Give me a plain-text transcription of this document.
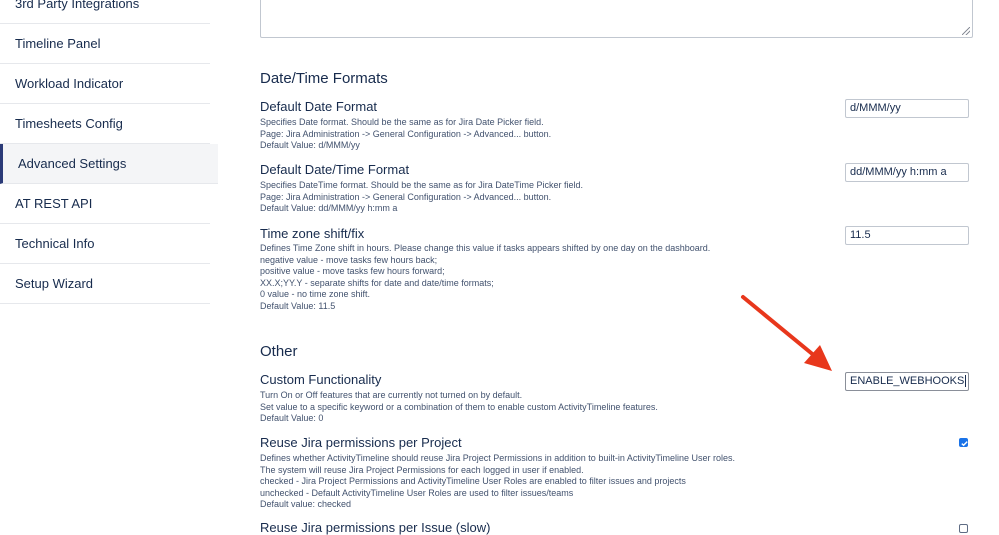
3rd Party Integrations
Timeline Panel
Workload Indicator
Timesheets Config
Advanced Settings
AT REST API
Technical Info
Setup Wizard
Date/Time Formats
Default Date Format
Specifies Date format. Should be the same as for Jira Date Picker field.
Page: Jira Administration -> General Configuration -> Advanced... button.
Default Value: d/MMM/yy
d/MMM/yy
Default Date/Time Format
Specifies DateTime format. Should be the same as for Jira DateTime Picker field.
Page: Jira Administration -> General Configuration -> Advanced... button.
Default Value: dd/MMM/yy h:mm a
dd/MMM/yy h:mm a
Time zone shift/fix
Defines Time Zone shift in hours. Please change this value if tasks appears shifted by one day on the dashboard.
negative value - move tasks few hours back;
positive value - move tasks few hours forward;
XX.X;YY.Y - separate shifts for date and date/time formats;
0 value - no time zone shift.
Default Value: 11.5
11.5
Other
Custom Functionality
Turn On or Off features that are currently not turned on by default.
Set value to a specific keyword or a combination of them to enable custom ActivityTimeline features.
Default Value: 0
ENABLE_WEBHOOKS
Reuse Jira permissions per Project
Defines whether ActivityTimeline should reuse Jira Project Permissions in addition to built-in ActivityTimeline User roles.
The system will reuse Jira Project Permissions for each logged in user if enabled.
checked - Jira Project Permissions and ActivityTimeline User Roles are enabled to filter issues and projects
unchecked - Default ActivityTimeline User Roles are used to filter issues/teams
Default value: checked
Reuse Jira permissions per Issue (slow)
